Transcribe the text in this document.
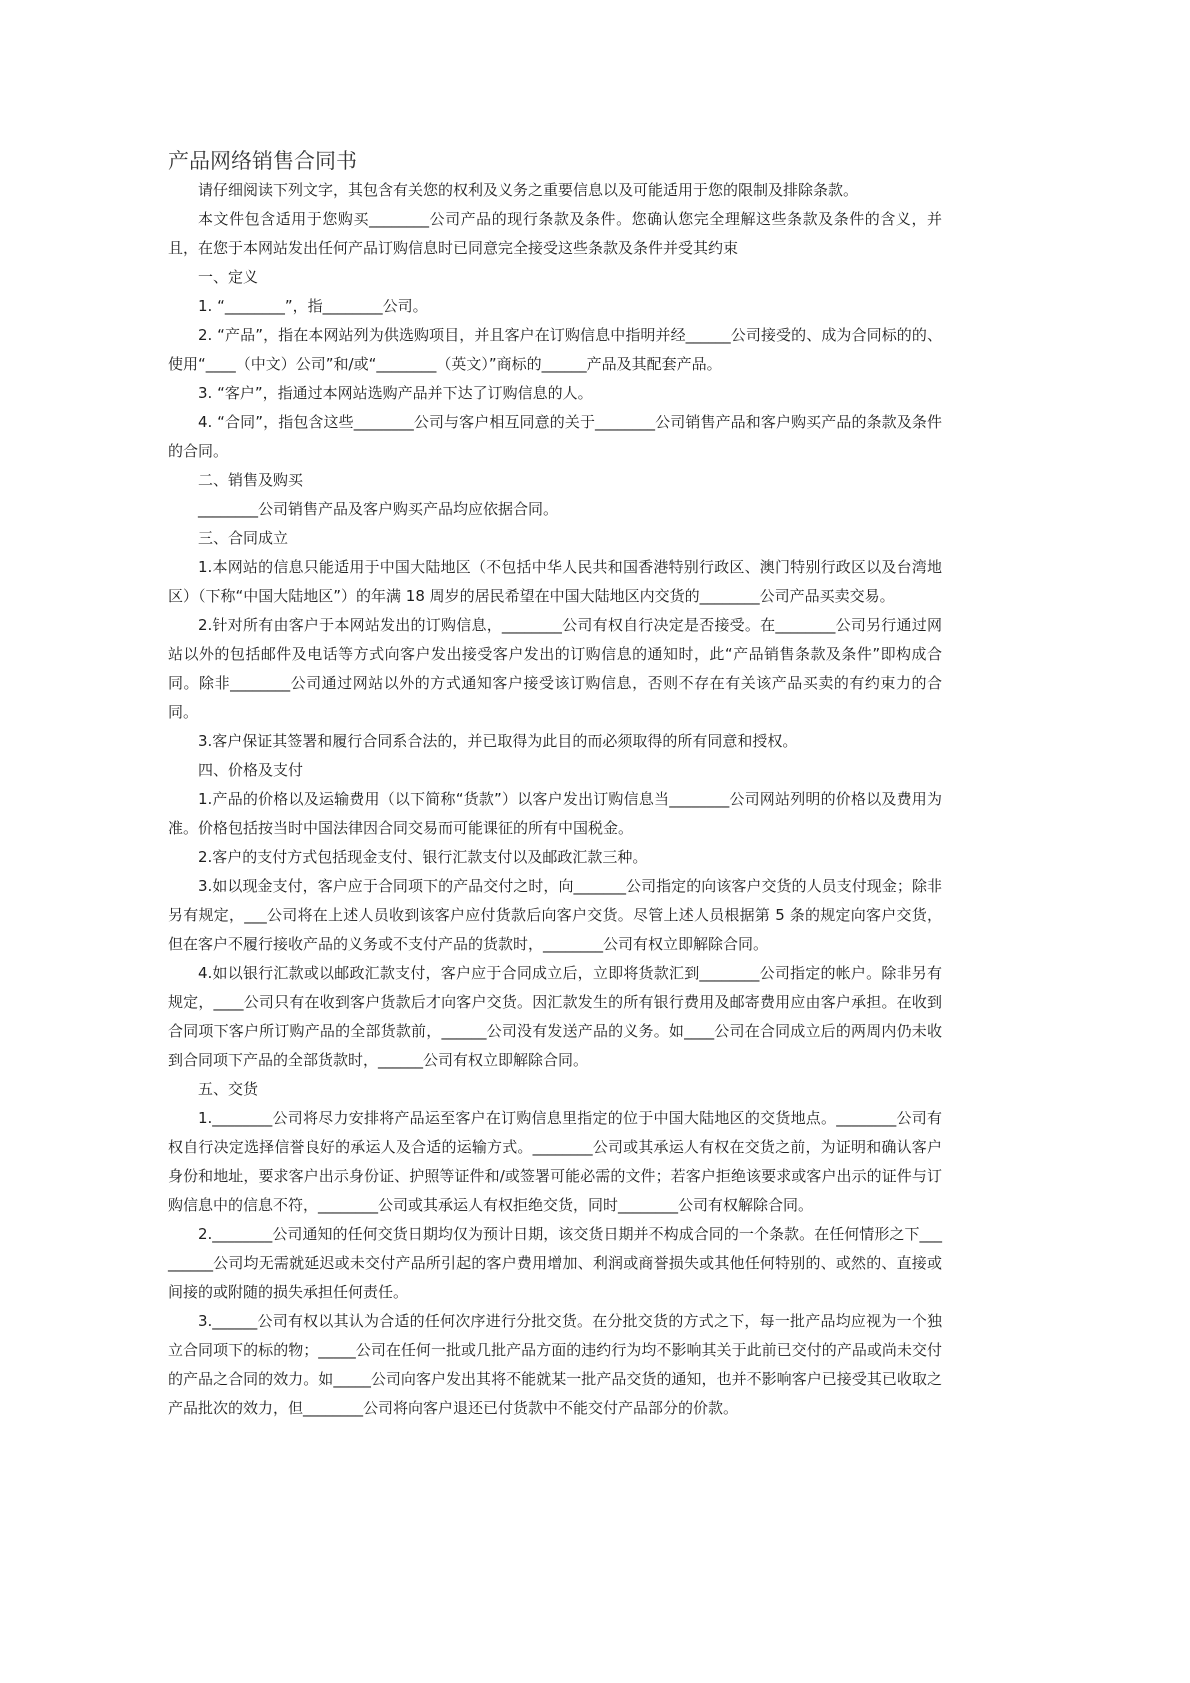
产品网络销售合同书

请仔细阅读下列文字，其包含有关您的权利及义务之重要信息以及可能适用于您的限制及排除条款。

本文件包含适用于您购买________公司产品的现行条款及条件。您确认您完全理解这些条款及条件的含义，并且，在您于本网站发出任何产品订购信息时已同意完全接受这些条款及条件并受其约束

一、定义

1. “________”，指________公司。

2. “产品”，指在本网站列为供选购项目，并且客户在订购信息中指明并经______公司接受的、成为合同标的的、使用“____（中文）公司”和/或“________（英文）”商标的______产品及其配套产品。

3. “客户”，指通过本网站选购产品并下达了订购信息的人。

4. “合同”，指包含这些________公司与客户相互同意的关于________公司销售产品和客户购买产品的条款及条件的合同。

二、销售及购买

________公司销售产品及客户购买产品均应依据合同。

三、合同成立

1.本网站的信息只能适用于中国大陆地区（不包括中华人民共和国香港特别行政区、澳门特别行政区以及台湾地区）（下称“中国大陆地区”）的年满 18 周岁的居民希望在中国大陆地区内交货的________公司产品买卖交易。

2.针对所有由客户于本网站发出的订购信息，________公司有权自行决定是否接受。在________公司另行通过网站以外的包括邮件及电话等方式向客户发出接受客户发出的订购信息的通知时，此“产品销售条款及条件”即构成合同。除非________公司通过网站以外的方式通知客户接受该订购信息，否则不存在有关该产品买卖的有约束力的合同。

3.客户保证其签署和履行合同系合法的，并已取得为此目的而必须取得的所有同意和授权。

四、价格及支付

1.产品的价格以及运输费用（以下简称“货款”）以客户发出订购信息当________公司网站列明的价格以及费用为准。价格包括按当时中国法律因合同交易而可能课征的所有中国税金。

2.客户的支付方式包括现金支付、银行汇款支付以及邮政汇款三种。

3.如以现金支付，客户应于合同项下的产品交付之时，向_______公司指定的向该客户交货的人员支付现金；除非另有规定，___公司将在上述人员收到该客户应付货款后向客户交货。尽管上述人员根据第 5 条的规定向客户交货，但在客户不履行接收产品的义务或不支付产品的货款时，________公司有权立即解除合同。

4.如以银行汇款或以邮政汇款支付，客户应于合同成立后，立即将货款汇到________公司指定的帐户。除非另有规定，____公司只有在收到客户货款后才向客户交货。因汇款发生的所有银行费用及邮寄费用应由客户承担。在收到合同项下客户所订购产品的全部货款前，______公司没有发送产品的义务。如____公司在合同成立后的两周内仍未收到合同项下产品的全部货款时，______公司有权立即解除合同。

五、交货

1.________公司将尽力安排将产品运至客户在订购信息里指定的位于中国大陆地区的交货地点。________公司有权自行决定选择信誉良好的承运人及合适的运输方式。________公司或其承运人有权在交货之前，为证明和确认客户身份和地址，要求客户出示身份证、护照等证件和/或签署可能必需的文件；若客户拒绝该要求或客户出示的证件与订购信息中的信息不符，________公司或其承运人有权拒绝交货，同时________公司有权解除合同。

2.________公司通知的任何交货日期均仅为预计日期，该交货日期并不构成合同的一个条款。在任何情形之下_________公司均无需就延迟或未交付产品所引起的客户费用增加、利润或商誉损失或其他任何特别的、或然的、直接或间接的或附随的损失承担任何责任。

3.______公司有权以其认为合适的任何次序进行分批交货。在分批交货的方式之下，每一批产品均应视为一个独立合同项下的标的物；_____公司在任何一批或几批产品方面的违约行为均不影响其关于此前已交付的产品或尚未交付的产品之合同的效力。如_____公司向客户发出其将不能就某一批产品交货的通知，也并不影响客户已接受其已收取之产品批次的效力，但________公司将向客户退还已付货款中不能交付产品部分的价款。
